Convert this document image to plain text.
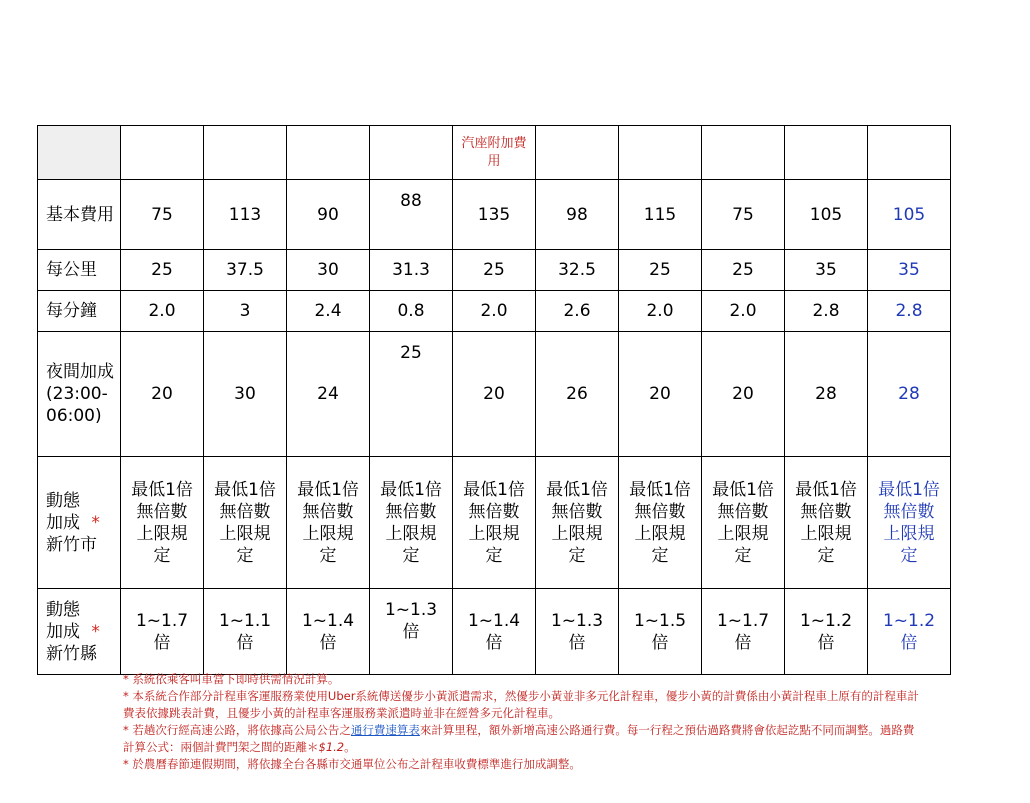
					汽座附加費用					

基本費用	75	113	90	88	135	98	115	75	105	105
每公里	25	37.5	30	31.3	25	32.5	25	25	35	35
每分鐘	2.0	3	2.4	0.8	2.0	2.6	2.0	2.0	2.8	2.8
夜間加成(23:00-06:00)	20	30	24	25	20	26	20	20	28	28
動態加成 *
新竹市	最低1倍無倍數上限規定	最低1倍無倍數上限規定	最低1倍無倍數上限規定	最低1倍無倍數上限規定	最低1倍無倍數上限規定	最低1倍無倍數上限規定	最低1倍無倍數上限規定	最低1倍無倍數上限規定	最低1倍無倍數上限規定	最低1倍無倍數上限規定

動態加成 *
新竹縣	1~1.7倍	1~1.1倍	1~1.4倍	1~1.3倍	1~1.4倍	1~1.3倍	1~1.5倍	1~1.7倍	1~1.2倍	1~1.2倍

* 系統依乘客叫車當下即時供需情況計算。

* 本系統合作部分計程車客運服務業使用Uber系統傳送優步小黃派遣需求，然優步小黃並非多元化計程車，優步小黃的計費係由小黃計程車上原有的計程車計費表依據跳表計費，且優步小黃的計程車客運服務業派遣時並非在經營多元化計程車。

* 若趟次行經高速公路，將依據高公局公告之通行費速算表來計算里程，額外新增高速公路通行費。每一行程之預估過路費將會依起訖點不同而調整。過路費計算公式：兩個計費門架之間的距離＊$1.2。

* 於農曆春節連假期間，將依據全台各縣市交通單位公布之計程車收費標準進行加成調整。
